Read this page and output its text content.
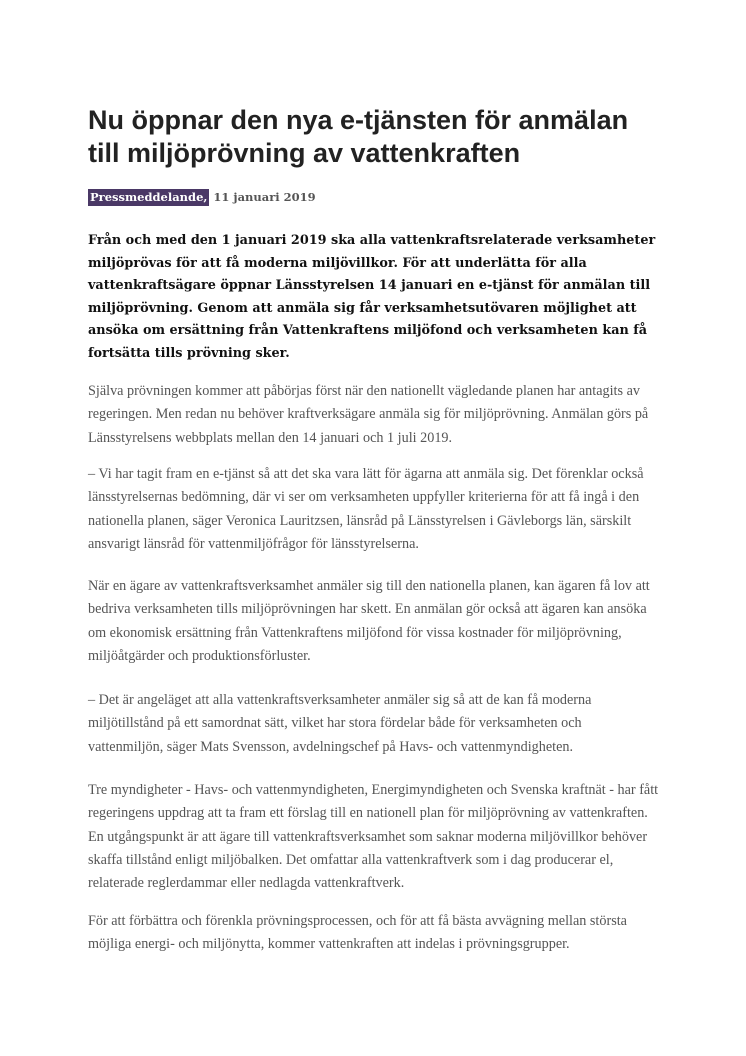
Nu öppnar den nya e-tjänsten för anmälan till miljöprövning av vattenkraften

Pressmeddelande, 11 januari 2019

Från och med den 1 januari 2019 ska alla vattenkraftsrelaterade verksamheter miljöprövas för att få moderna miljövillkor. För att underlätta för alla vattenkraftsägare öppnar Länsstyrelsen 14 januari en e-tjänst för anmälan till miljöprövning. Genom att anmäla sig får verksamhetsutövaren möjlighet att ansöka om ersättning från Vattenkraftens miljöfond och verksamheten kan få fortsätta tills prövning sker.

Själva prövningen kommer att påbörjas först när den nationellt vägledande planen har antagits av regeringen. Men redan nu behöver kraftverksägare anmäla sig för miljöprövning. Anmälan görs på Länsstyrelsens webbplats mellan den 14 januari och 1 juli 2019.

– Vi har tagit fram en e-tjänst så att det ska vara lätt för ägarna att anmäla sig. Det förenklar också länsstyrelsernas bedömning, där vi ser om verksamheten uppfyller kriterierna för att få ingå i den nationella planen, säger Veronica Lauritzsen, länsråd på Länsstyrelsen i Gävleborgs län, särskilt ansvarigt länsråd för vattenmiljöfrågor för länsstyrelserna.

När en ägare av vattenkraftsverksamhet anmäler sig till den nationella planen, kan ägaren få lov att bedriva verksamheten tills miljöprövningen har skett. En anmälan gör också att ägaren kan ansöka om ekonomisk ersättning från Vattenkraftens miljöfond för vissa kostnader för miljöprövning, miljöåtgärder och produktionsförluster.

– Det är angeläget att alla vattenkraftsverksamheter anmäler sig så att de kan få moderna miljötillstånd på ett samordnat sätt, vilket har stora fördelar både för verksamheten och vattenmiljön, säger Mats Svensson, avdelningschef på Havs- och vattenmyndigheten.

Tre myndigheter - Havs- och vattenmyndigheten, Energimyndigheten och Svenska kraftnät - har fått regeringens uppdrag att ta fram ett förslag till en nationell plan för miljöprövning av vattenkraften. En utgångspunkt är att ägare till vattenkraftsverksamhet som saknar moderna miljövillkor behöver skaffa tillstånd enligt miljöbalken. Det omfattar alla vattenkraftverk som i dag producerar el, relaterade reglerdammar eller nedlagda vattenkraftverk.

För att förbättra och förenkla prövningsprocessen, och för att få bästa avvägning mellan största möjliga energi- och miljönytta, kommer vattenkraften att indelas i prövningsgrupper.
